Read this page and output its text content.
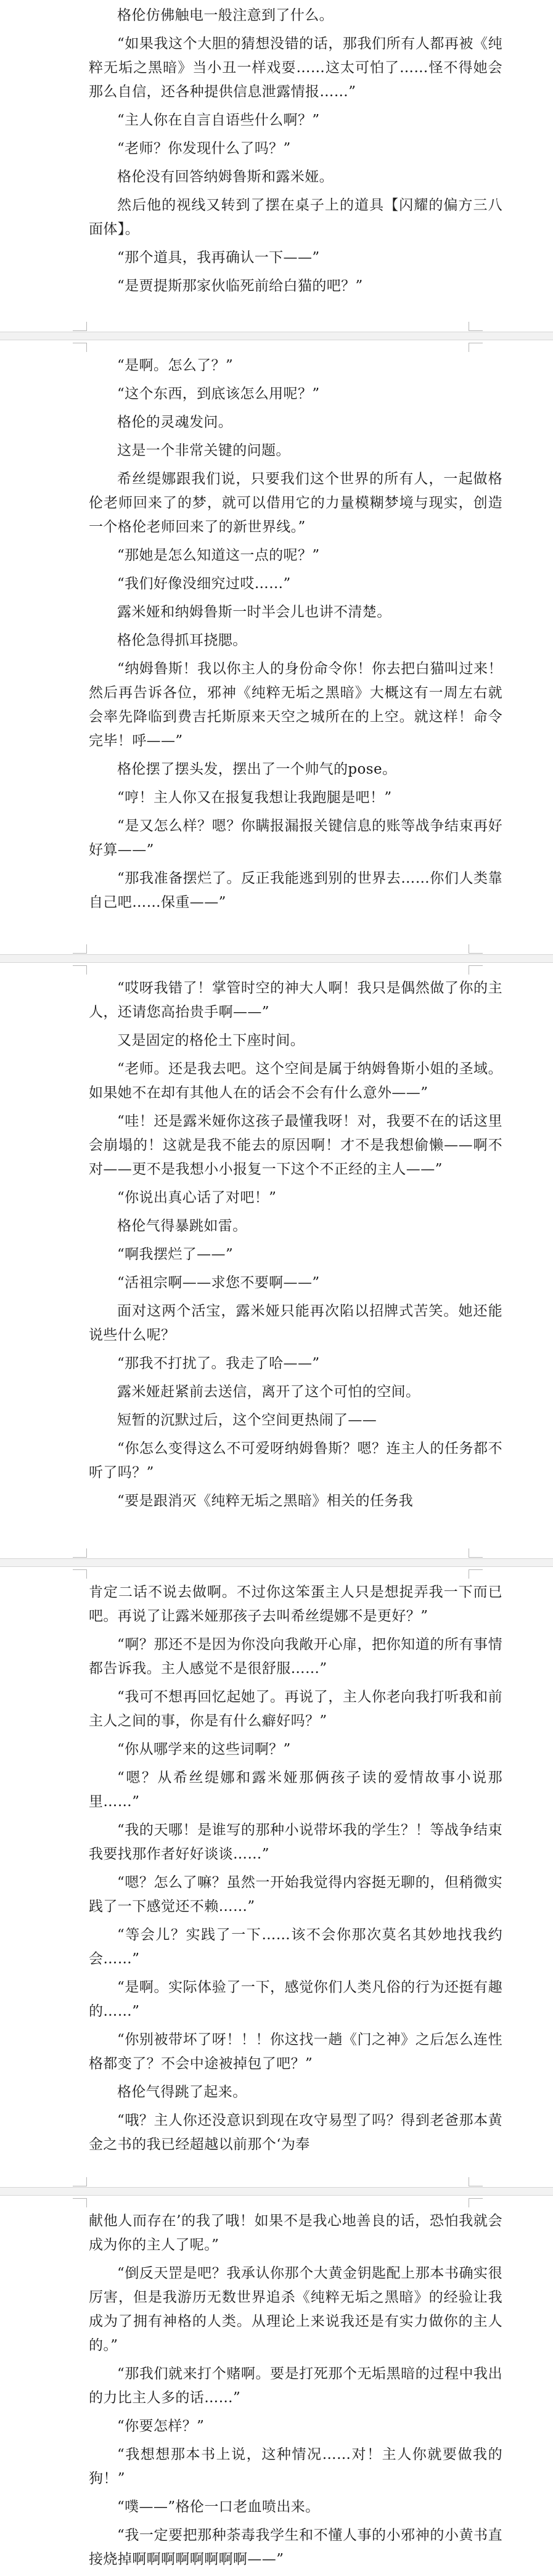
格伦仿佛触电一般注意到了什么。

“如果我这个大胆的猜想没错的话，那我们所有人都再被《纯粹无垢之黑暗》当小丑一样戏耍……这太可怕了……怪不得她会那么自信，还各种提供信息泄露情报……”

“主人你在自言自语些什么啊？”

“老师？你发现什么了吗？”

格伦没有回答纳姆鲁斯和露米娅。

然后他的视线又转到了摆在桌子上的道具【闪耀的偏方三八面体】。

“那个道具，我再确认一下——”

“是贾提斯那家伙临死前给白猫的吧？”

“是啊。怎么了？”

“这个东西，到底该怎么用呢？”

格伦的灵魂发问。

这是一个非常关键的问题。

希丝缇娜跟我们说，只要我们这个世界的所有人，一起做格伦老师回来了的梦，就可以借用它的力量模糊梦境与现实，创造一个格伦老师回来了的新世界线。”

“那她是怎么知道这一点的呢？”

“我们好像没细究过哎……”

露米娅和纳姆鲁斯一时半会儿也讲不清楚。

格伦急得抓耳挠腮。

“纳姆鲁斯！我以你主人的身份命令你！你去把白猫叫过来！然后再告诉各位，邪神《纯粹无垢之黑暗》大概这有一周左右就会率先降临到费吉托斯原来天空之城所在的上空。就这样！命令完毕！呼——”

格伦摆了摆头发，摆出了一个帅气的pose。

“哼！主人你又在报复我想让我跑腿是吧！”

“是又怎么样？嗯？你瞒报漏报关键信息的账等战争结束再好好算——”

“那我准备摆烂了。反正我能逃到别的世界去……你们人类靠自己吧……保重——”

“哎呀我错了！掌管时空的神大人啊！我只是偶然做了你的主人，还请您高抬贵手啊——”

又是固定的格伦土下座时间。

“老师。还是我去吧。这个空间是属于纳姆鲁斯小姐的圣域。如果她不在却有其他人在的话会不会有什么意外——”

“哇！还是露米娅你这孩子最懂我呀！对，我要不在的话这里会崩塌的！这就是我不能去的原因啊！才不是我想偷懒——啊不对——更不是我想小小报复一下这个不正经的主人——”

“你说出真心话了对吧！”

格伦气得暴跳如雷。

“啊我摆烂了——”

“活祖宗啊——求您不要啊——”

面对这两个活宝，露米娅只能再次陷以招牌式苦笑。她还能说些什么呢？

“那我不打扰了。我走了哈——”

露米娅赶紧前去送信，离开了这个可怕的空间。

短暂的沉默过后，这个空间更热闹了——

“你怎么变得这么不可爱呀纳姆鲁斯？嗯？连主人的任务都不听了吗？”

“要是跟消灭《纯粹无垢之黑暗》相关的任务我

肯定二话不说去做啊。不过你这笨蛋主人只是想捉弄我一下而已吧。再说了让露米娅那孩子去叫希丝缇娜不是更好？”

“啊？那还不是因为你没向我敞开心扉，把你知道的所有事情都告诉我。主人感觉不是很舒服……”

“我可不想再回忆起她了。再说了，主人你老向我打听我和前主人之间的事，你是有什么癖好吗？”

“你从哪学来的这些词啊？”

“嗯？从希丝缇娜和露米娅那俩孩子读的爱情故事小说那里……”

“我的天哪！是谁写的那种小说带坏我的学生？！等战争结束我要找那作者好好谈谈……”

“嗯？怎么了嘛？虽然一开始我觉得内容挺无聊的，但稍微实践了一下感觉还不赖……”

“等会儿？实践了一下……该不会你那次莫名其妙地找我约会……”

“是啊。实际体验了一下，感觉你们人类凡俗的行为还挺有趣的……”

“你别被带坏了呀！！！你这找一趟《门之神》之后怎么连性格都变了？不会中途被掉包了吧？”

格伦气得跳了起来。

“哦？主人你还没意识到现在攻守易型了吗？得到老爸那本黄金之书的我已经超越以前那个‘为奉

献他人而存在’的我了哦！如果不是我心地善良的话，恐怕我就会成为你的主人了呢。”

“倒反天罡是吧？我承认你那个大黄金钥匙配上那本书确实很厉害，但是我游历无数世界追杀《纯粹无垢之黑暗》的经验让我成为了拥有神格的人类。从理论上来说我还是有实力做你的主人的。”

“那我们就来打个赌啊。要是打死那个无垢黑暗的过程中我出的力比主人多的话……”

“你要怎样？”

“我想想那本书上说，这种情况……对！主人你就要做我的狗！”

“噗——”格伦一口老血喷出来。

“我一定要把那种荼毒我学生和不懂人事的小邪神的小黄书直接烧掉啊啊啊啊啊啊啊啊——”
